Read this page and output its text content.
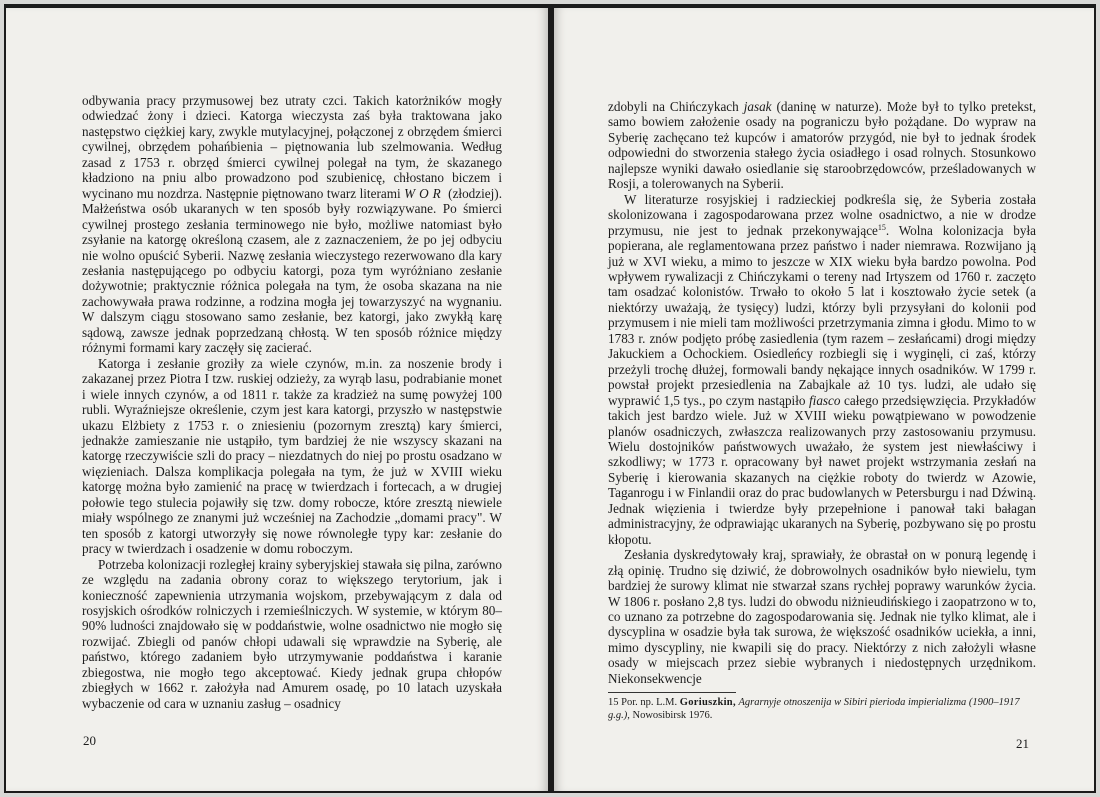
odbywania pracy przymusowej bez utraty czci. Takich katorżników mogły odwiedzać żony i dzieci. Katorga wieczysta zaś była traktowana jako następstwo ciężkiej kary, zwykle mutylacyjnej, połączonej z obrzędem śmierci cywilnej, obrzędem pohańbienia – piętnowania lub szelmowania. Według zasad z 1753 r. obrzęd śmierci cywilnej polegał na tym, że skazanego kładziono na pniu albo prowadzono pod szubienicę, chłostano biczem i wycinano mu nozdrza. Następnie piętnowano twarz literami WOR (złodziej). Małżeństwa osób ukaranych w ten sposób były rozwiązywane. Po śmierci cywilnej prostego zesłania terminowego nie było, możliwe natomiast było zsyłanie na katorgę określoną czasem, ale z zaznaczeniem, że po jej odbyciu nie wolno opuścić Syberii. Nazwę zesłania wieczystego rezerwowano dla kary zesłania następującego po odbyciu katorgi, poza tym wyróżniano zesłanie dożywotnie; praktycznie różnica polegała na tym, że osoba skazana na nie zachowywała prawa rodzinne, a rodzina mogła jej towarzyszyć na wygnaniu. W dalszym ciągu stosowano samo zesłanie, bez katorgi, jako zwykłą karę sądową, zawsze jednak poprzedzaną chłostą. W ten sposób różnice między różnymi formami kary zaczęły się zacierać.

Katorga i zesłanie groziły za wiele czynów, m.in. za noszenie brody i zakazanej przez Piotra I tzw. ruskiej odzieży, za wyrąb lasu, podrabianie monet i wiele innych czynów, a od 1811 r. także za kradzież na sumę powyżej 100 rubli. Wyraźniejsze określenie, czym jest kara katorgi, przyszło w następstwie ukazu Elżbiety z 1753 r. o zniesieniu (pozornym zresztą) kary śmierci, jednakże zamieszanie nie ustąpiło, tym bardziej że nie wszyscy skazani na katorgę rzeczywiście szli do pracy – niezdatnych do niej po prostu osadzano w więzieniach. Dalsza komplikacja polegała na tym, że już w XVIII wieku katorgę można było zamienić na pracę w twierdzach i fortecach, a w drugiej połowie tego stulecia pojawiły się tzw. domy robocze, które zresztą niewiele miały wspólnego ze znanymi już wcześniej na Zachodzie „domami pracy". W ten sposób z katorgi utworzyły się nowe równoległe typy kar: zesłanie do pracy w twierdzach i osadzenie w domu roboczym.

Potrzeba kolonizacji rozległej krainy syberyjskiej stawała się pilna, zarówno ze względu na zadania obrony coraz to większego terytorium, jak i konieczność zapewnienia utrzymania wojskom, przebywającym z dala od rosyjskich ośrodków rolniczych i rzemieślniczych. W systemie, w którym 80–90% ludności znajdowało się w poddaństwie, wolne osadnictwo nie mogło się rozwijać. Zbiegli od panów chłopi udawali się wprawdzie na Syberię, ale państwo, którego zadaniem było utrzymywanie poddaństwa i karanie zbiegostwa, nie mogło tego akceptować. Kiedy jednak grupa chłopów zbiegłych w 1662 r. założyła nad Amurem osadę, po 10 latach uzyskała wybaczenie od cara w uznaniu zasług – osadnicy

20

zdobyli na Chińczykach jasak (daninę w naturze). Może był to tylko pretekst, samo bowiem założenie osady na pograniczu było pożądane. Do wypraw na Syberię zachęcano też kupców i amatorów przygód, nie był to jednak środek odpowiedni do stworzenia stałego życia osiadłego i osad rolnych. Stosunkowo najlepsze wyniki dawało osiedlanie się staroobrzędowców, prześladowanych w Rosji, a tolerowanych na Syberii.

W literaturze rosyjskiej i radzieckiej podkreśla się, że Syberia została skolonizowana i zagospodarowana przez wolne osadnictwo, a nie w drodze przymusu, nie jest to jednak przekonywające$^{15}$. Wolna kolonizacja była popierana, ale reglamentowana przez państwo i nader niemrawa. Rozwijano ją już w XVI wieku, a mimo to jeszcze w XIX wieku była bardzo powolna. Pod wpływem rywalizacji z Chińczykami o tereny nad Irtyszem od 1760 r. zaczęto tam osadzać kolonistów. Trwało to około 5 lat i kosztowało życie setek (a niektórzy uważają, że tysięcy) ludzi, którzy byli przysyłani do kolonii pod przymusem i nie mieli tam możliwości przetrzymania zimna i głodu. Mimo to w 1783 r. znów podjęto próbę zasiedlenia (tym razem – zesłańcami) drogi między Jakuckiem a Ochockiem. Osiedleńcy rozbiegli się i wyginęli, ci zaś, którzy przeżyli trochę dłużej, formowali bandy nękające innych osadników. W 1799 r. powstał projekt przesiedlenia na Zabajkale aż 10 tys. ludzi, ale udało się wyprawić 1,5 tys., po czym nastąpiło fiasco całego przedsięwzięcia. Przykładów takich jest bardzo wiele. Już w XVIII wieku powątpiewano w powodzenie planów osadniczych, zwłaszcza realizowanych przy zastosowaniu przymusu. Wielu dostojników państwowych uważało, że system jest niewłaściwy i szkodliwy; w 1773 r. opracowany był nawet projekt wstrzymania zesłań na Syberię i kierowania skazanych na ciężkie roboty do twierdz w Azowie, Taganrogu i w Finlandii oraz do prac budowlanych w Petersburgu i nad Dźwiną. Jednak więzienia i twierdze były przepełnione i panował taki bałagan administracyjny, że odprawiając ukaranych na Syberię, pozbywano się po prostu kłopotu.

Zesłania dyskredytowały kraj, sprawiały, że obrastał on w ponurą legendę i złą opinię. Trudno się dziwić, że dobrowolnych osadników było niewielu, tym bardziej że surowy klimat nie stwarzał szans rychłej poprawy warunków życia. W 1806 r. posłano 2,8 tys. ludzi do obwodu niżnieudińskiego i zaopatrzono w to, co uznano za potrzebne do zagospodarowania się. Jednak nie tylko klimat, ale i dyscyplina w osadzie była tak surowa, że większość osadników uciekła, a inni, mimo dyscypliny, nie kwapili się do pracy. Niektórzy z nich założyli własne osady w miejscach przez siebie wybranych i niedostępnych urzędnikom. Niekonsekwencje

15 Por. np. L.M. Goriuszkin, Agrarnyje otnoszenija w Sibiri pierioda impierializma (1900–1917 g.g.), Nowosibirsk 1976.
21
